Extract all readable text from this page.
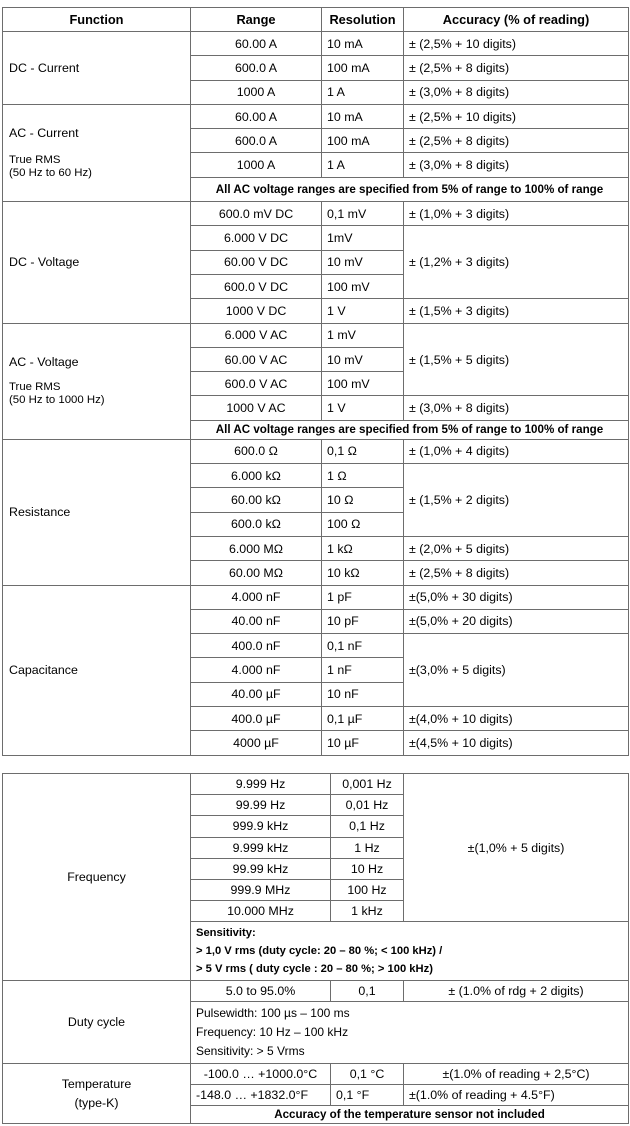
Function	Range	Resolution	Accuracy (% of reading)
DC - Current	60.00 A	10 mA	± (2,5% + 10 digits)
	600.0 A	100 mA	± (2,5% + 8 digits)
	1000 A	1 A	± (3,0% + 8 digits)

AC - Current
True RMS
(50 Hz to 60 Hz)	60.00 A	10 mA	± (2,5% + 10 digits)
	600.0 A	100 mA	± (2,5% + 8 digits)
	1000 A	1 A	± (3,0% + 8 digits)
	All AC voltage ranges are specified from 5% of range to 100% of range		
DC - Voltage	600.0 mV DC	0,1 mV	± (1,0% + 3 digits)
	6.000 V DC	1mV	± (1,2% + 3 digits)
	60.00 V DC	10 mV	
	600.0 V DC	100 mV	
	1000 V DC	1 V	± (1,5% + 3 digits)

AC - Voltage
True RMS
(50 Hz to 1000 Hz)	6.000 V AC	1 mV	± (1,5% + 5 digits)
	60.00 V AC	10 mV	
	600.0 V AC	100 mV	
	1000 V AC	1 V	± (3,0% + 8 digits)
	All AC voltage ranges are specified from 5% of range to 100% of range		
Resistance	600.0 Ω	0,1 Ω	± (1,0% + 4 digits)
	6.000 kΩ	1 Ω	± (1,5% + 2 digits)
	60.00 kΩ	10 Ω	
	600.0 kΩ	100 Ω	
	6.000 MΩ	1 kΩ	± (2,0% + 5 digits)
	60.00 MΩ	10 kΩ	± (2,5% + 8 digits)
Capacitance	4.000 nF	1 pF	±(5,0% + 30 digits)
	40.00 nF	10 pF	±(5,0% + 20 digits)
	400.0 nF	0,1 nF	±(3,0% + 5 digits)
	4.000 nF	1 nF	
	40.00 µF	10 nF	
	400.0 µF	0,1 µF	±(4,0% + 10 digits)
	4000 µF	10 µF	±(4,5% + 10 digits)
Frequency	9.999 Hz	0,001 Hz	±(1,0% + 5 digits)
	99.99 Hz	0,01 Hz	
	999.9 kHz	0,1 Hz	
	9.999 kHz	1 Hz	
	99.99 kHz	10 Hz	
	999.9 MHz	100 Hz	
	10.000 MHz	1 kHz	

	Sensitivity:
> 1,0 V rms (duty cycle: 20 – 80 %; < 100 kHz) /
> 5 V rms ( duty cycle : 20 – 80 %; > 100 kHz)		

Duty cycle	5.0 to 95.0%	0,1	± (1.0% of rdg + 2 digits)

	Pulsewidth: 100 µs – 100 ms
Frequency: 10 Hz – 100 kHz
Sensitivity: > 5 Vrms		

Temperature
(type-K)	-100.0 … +1000.0°C	0,1 °C	±(1.0% of reading + 2,5°C)
	-148.0 … +1832.0°F	0,1 °F	±(1.0% of reading + 4.5°F)
	Accuracy of the temperature sensor not included		
